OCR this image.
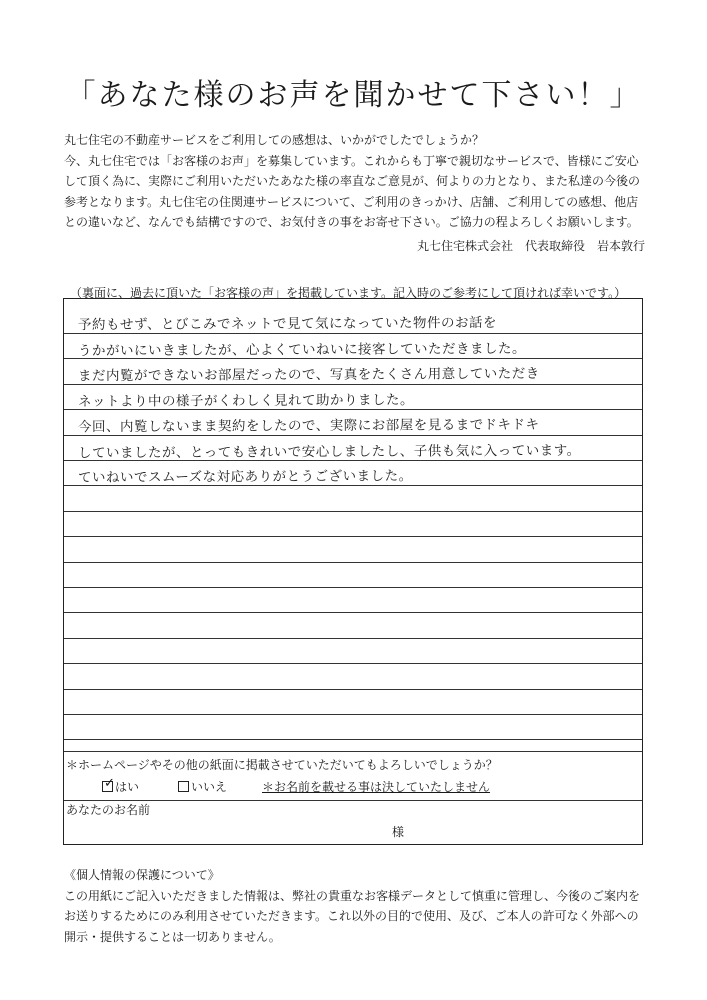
「あなた様のお声を聞かせて下さい！」
丸七住宅の不動産サービスをご利用しての感想は、いかがでしたでしょうか？
今、丸七住宅では「お客様のお声」を募集しています。これからも丁寧で親切なサービスで、皆様にご安心
して頂く為に、実際にご利用いただいたあなた様の率直なご意見が、何よりの力となり、また私達の今後の
参考となります。丸七住宅の住関連サービスについて、ご利用のきっかけ、店舗、ご利用しての感想、他店
との違いなど、なんでも結構ですので、お気付きの事をお寄せ下さい。ご協力の程よろしくお願いします。
丸七住宅株式会社　代表取締役　岩本敦行
（裏面に、過去に頂いた「お客様の声」を掲載しています。記入時のご参考にして頂ければ幸いです。）
予約もせず、とびこみでネットで見て気になっていた物件のお話を
うかがいにいきましたが、心よくていねいに接客していただきました。
まだ内覧ができないお部屋だったので、写真をたくさん用意していただき
ネットより中の様子がくわしく見れて助かりました。
今回、内覧しないまま契約をしたので、実際にお部屋を見るまでドキドキ
していましたが、とってもきれいで安心しましたし、子供も気に入っています。
ていねいでスムーズな対応ありがとうございました。
＊ホームページやその他の紙面に掲載させていただいてもよろしいでしょうか？
✓ はい	いいえ	＊お名前を載せる事は決していたしません
あなたのお名前
様
《個人情報の保護について》
この用紙にご記入いただきました情報は、弊社の貴重なお客様データとして慎重に管理し、今後のご案内を
お送りするためにのみ利用させていただきます。これ以外の目的で使用、及び、ご本人の許可なく外部への
開示・提供することは一切ありません。
